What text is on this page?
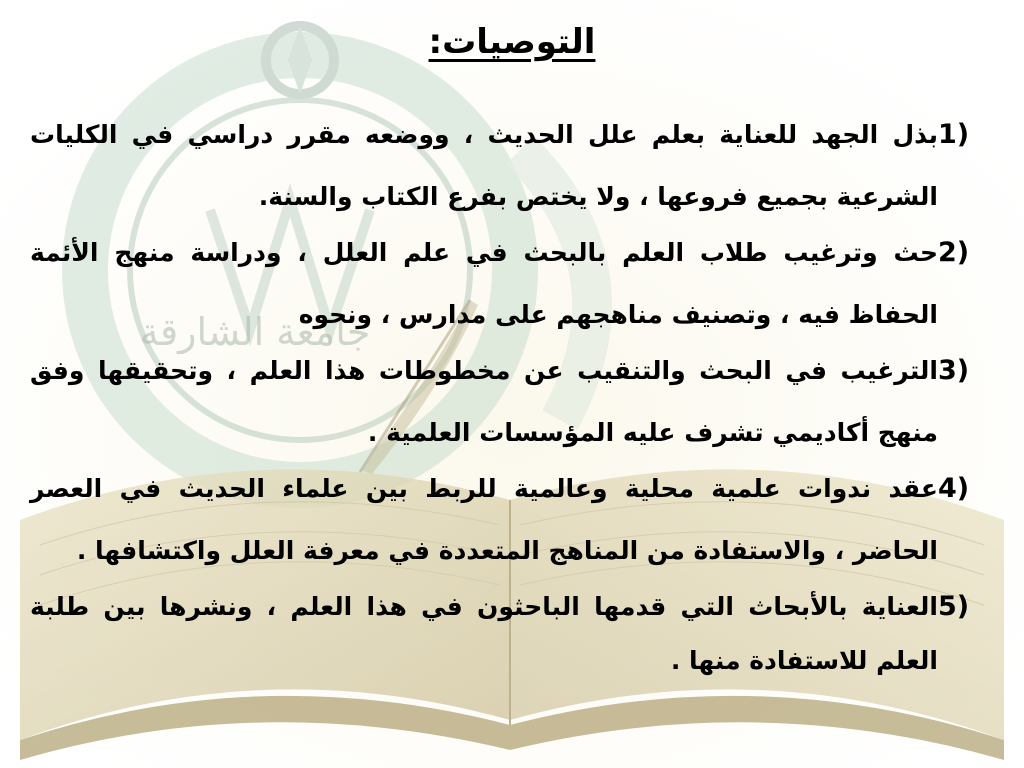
جامعة الشارقة
التوصيات:
1)
بذل الجهد للعناية بعلم علل الحديث ، ووضعه مقرر دراسي في الكليات الشرعية بجميع فروعها ، ولا يختص بفرع الكتاب والسنة.
2)
حث وترغيب طلاب العلم بالبحث في علم العلل ، ودراسة منهج الأئمة الحفاظ فيه ، وتصنيف مناهجهم على مدارس ، ونحوه
3)
الترغيب في البحث والتنقيب عن مخطوطات هذا العلم ، وتحقيقها وفق منهج أكاديمي تشرف عليه المؤسسات العلمية .
4)
عقد ندوات علمية محلية وعالمية للربط بين علماء الحديث في العصر الحاضر ، والاستفادة من المناهج المتعددة في معرفة العلل واكتشافها .
5)
العناية بالأبحاث التي قدمها الباحثون في هذا العلم ، ونشرها بين طلبة العلم للاستفادة منها .
